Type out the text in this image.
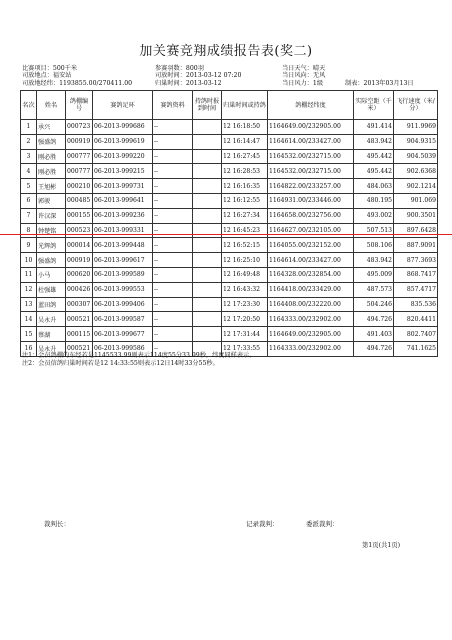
加关赛竞翔成绩报告表(奖二)
比赛项目：500千米
司放地点：福安站
司放地经纬：1193855.00/270411.00
参赛羽数：800羽
司放时间：2013-03-12 07:20
归巢时间：2013-03-12
当日天气：晴天
当日风向：无风
当日风力：1级	制表：2013年03月13日
名次	姓名	鸽棚编号	赛鸽足环	赛鸽资料	持鸽时报到时间	归巢时间或持鸽	鸽棚经纬度	实际空距（千米）	飞行速度（米/分）
1	承兴	000723	06-2013-999686	--		12 16:18:50	1164649.00/232905.00	491.414	911.9969
2	强盛鸽	000919	06-2013-999619	--		12 16:14:47	1164614.00/233427.00	483.942	904.9315
3	刚必胜	000777	06-2013-999220	--		12 16:27:45	1164532.00/232715.00	495.442	904.5039
4	刚必胜	000777	06-2013-999215	--		12 16:28:53	1164532.00/232715.00	495.442	902.6368
5	王旭彬	000210	06-2013-999731	--		12 16:16:35	1164822.00/233257.00	484.063	902.1214
6	郭骏	000485	06-2013-999641	--		12 16:12:55	1164931.00/233446.00	480.195	901.069
7	许汉深	000155	06-2013-999236	--		12 16:27:34	1164658.00/232756.00	493.002	900.3501
8	钟楚铭	000523	06-2013-999331	--		12 16:45:23	1164627.00/232105.00	507.513	897.6428
9	光辉鸽	000014	06-2013-999448	--		12 16:52:15	1164055.00/232152.00	508.106	887.9091
10	强盛鸽	000919	06-2013-999617	--		12 16:25:10	1164614.00/233427.00	483.942	877.3693
11	小马	000620	06-2013-999589	--		12 16:49:48	1164328.00/232854.00	495.009	868.7417
12	杜强雄	000426	06-2013-999553	--		12 16:43:32	1164418.00/233429.00	487.573	857.4717
13	蓝田鸽	000307	06-2013-999406	--		12 17:23:30	1164408.00/232220.00	504.246	835.536
14	吴永升	000521	06-2013-999587	--		12 17:20:50	1164333.00/232902.00	494.726	820.4411
15	蔡湖	000115	06-2013-999677	--		12 17:31:44	1164649.00/232905.00	491.403	802.7407
16	吴永升	000521	06-2013-999586	--		12 17:33:55	1164333.00/232902.00	494.726	741.1625
注1：会员鸽棚的东经若是1145533.99则表示114度55分33.99秒，纬度同样表示。
注2：会员信鸽归巢时间若是12 14:33:55则表示12日14时33分55秒。
裁判长：	记录裁判：	委派裁判：
第1页(共1页)
